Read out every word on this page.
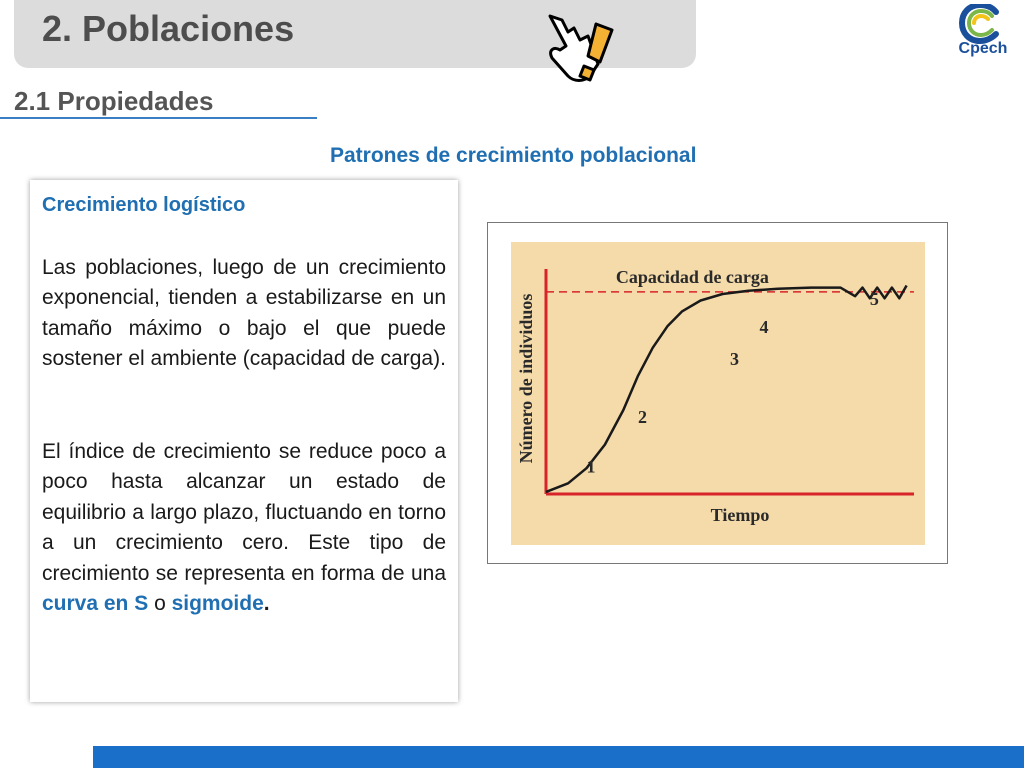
2. Poblaciones	Cpech
2.1 Propiedades
Patrones de crecimiento poblacional
Crecimiento logístico

Las poblaciones, luego de un crecimiento exponencial, tienden a estabilizarse en un tamaño máximo o bajo el que puede sostener el ambiente (capacidad de carga).

El índice de crecimiento se reduce poco a poco hasta alcanzar un estado de equilibrio a largo plazo, fluctuando en torno a un crecimiento cero. Este tipo de crecimiento se representa en forma de una curva en S o sigmoide.

Capacidad de carga
1
2
3
4
5
Tiempo
Número de individuos
